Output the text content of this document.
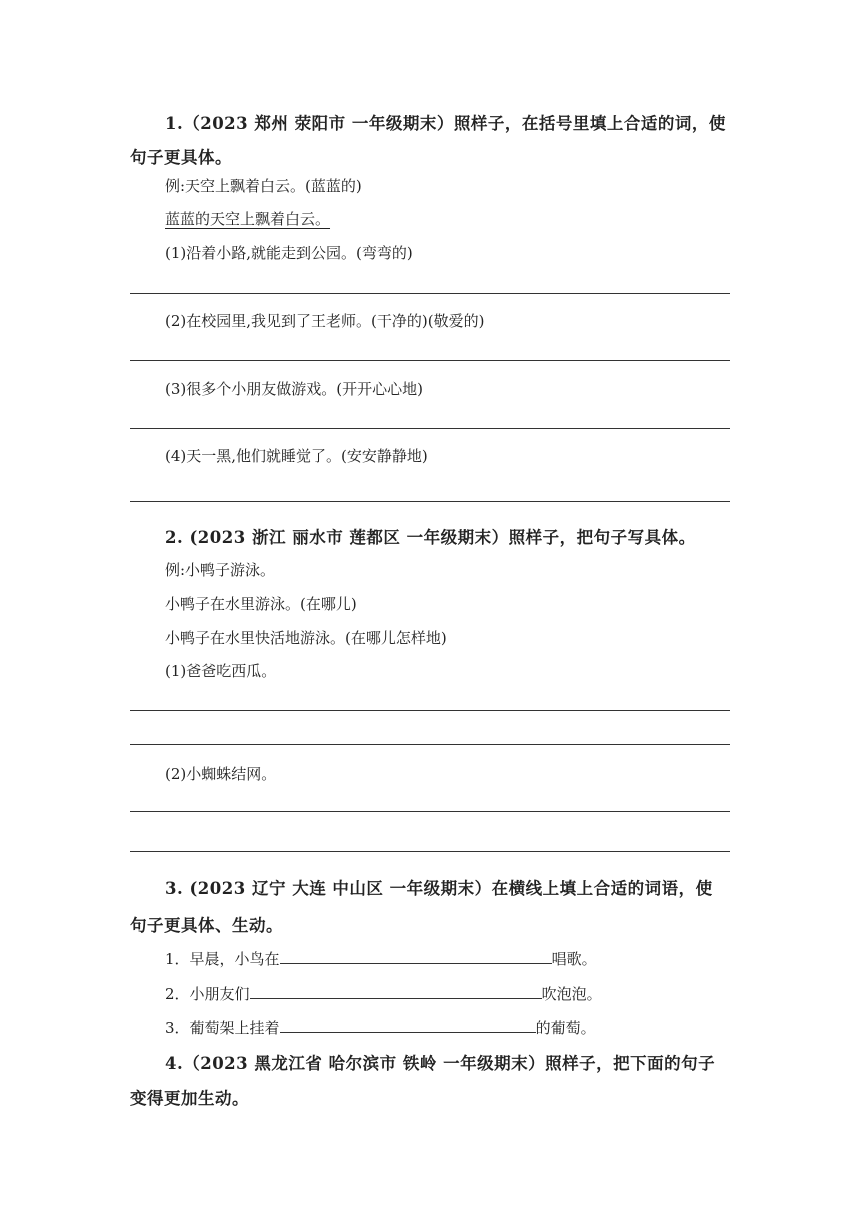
1.（2023 郑州 荥阳市 一年级期末）照样子，在括号里填上合适的词，使
句子更具体。
例:天空上飘着白云。(蓝蓝的)
蓝蓝的天空上飘着白云。
(1)沿着小路,就能走到公园。(弯弯的)
(2)在校园里,我见到了王老师。(干净的)(敬爱的)
(3)很多个小朋友做游戏。(开开心心地)
(4)天一黑,他们就睡觉了。(安安静静地)
2. (2023 浙江 丽水市 莲都区 一年级期末）照样子，把句子写具体。
例:小鸭子游泳。
小鸭子在水里游泳。(在哪儿)
小鸭子在水里快活地游泳。(在哪儿怎样地)
(1)爸爸吃西瓜。
(2)小蜘蛛结网。
3. (2023 辽宁 大连 中山区 一年级期末）在横线上填上合适的词语，使
句子更具体、生动。
1．早晨，小鸟在	唱歌。
2．小朋友们	吹泡泡。
3．葡萄架上挂着	的葡萄。
4.（2023 黑龙江省 哈尔滨市 铁岭 一年级期末）照样子，把下面的句子
变得更加生动。
